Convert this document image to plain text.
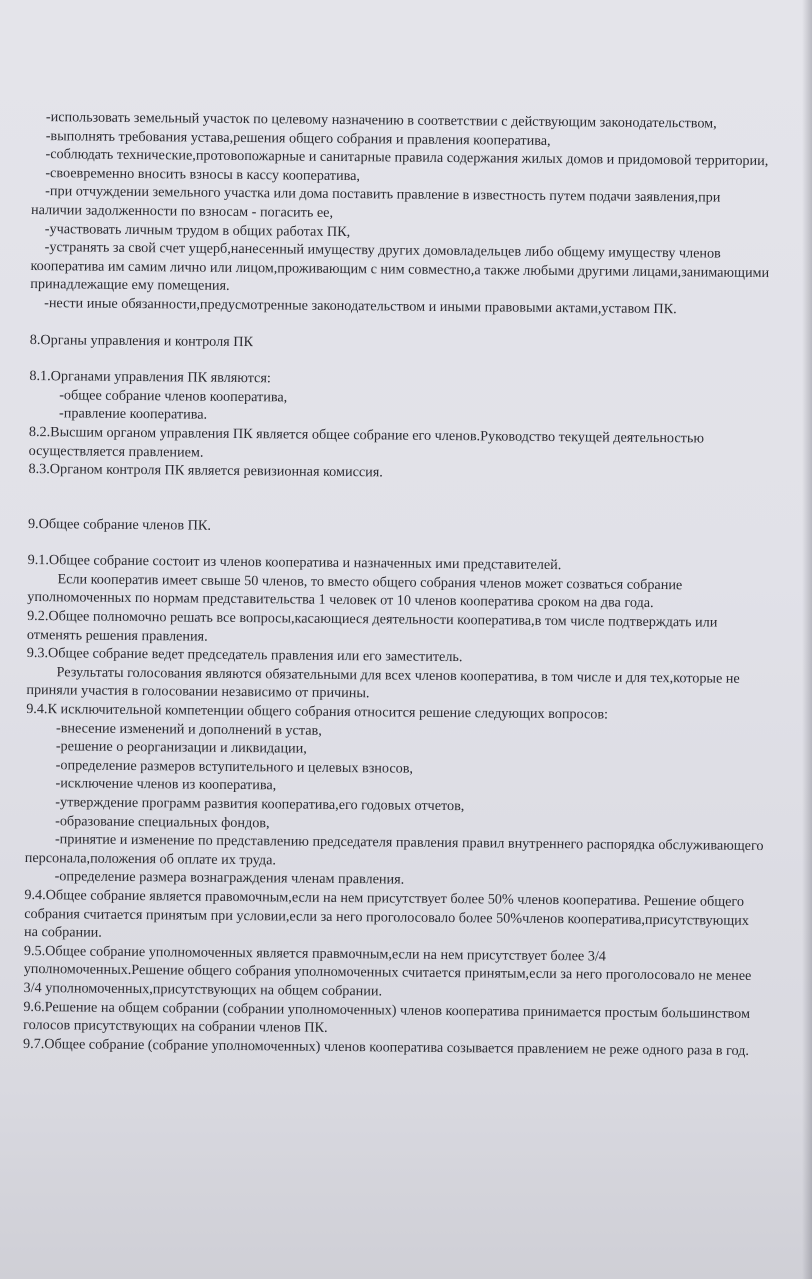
-использовать земельный участок по целевому назначению в соответствии с действующим законодательством,

-выполнять требования устава,решения общего собрания и правления кооператива,

-соблюдать технические,протовопожарные и санитарные правила содержания жилых домов и придомовой территории,

-своевременно вносить взносы в кассу кооператива,

-при отчуждении земельного участка или дома поставить правление в известность путем подачи заявления,при наличии задолженности по взносам - погасить ее,

-участвовать личным трудом в общих работах ПК,

-устранять за свой счет ущерб,нанесенный имуществу других домовладельцев либо общему имуществу членов кооператива им самим лично или лицом,проживающим с ним совместно,а также любыми другими лицами,занимающими принадлежащие ему помещения.

-нести иные обязанности,предусмотренные законодательством и иными правовыми актами,уставом ПК.

8.Органы управления и контроля ПК

8.1.Органами управления ПК являются:

-общее собрание членов кооператива,

-правление кооператива.

8.2.Высшим органом управления ПК является общее собрание его членов.Руководство текущей деятельностью осуществляется правлением.

8.3.Органом контроля ПК является ревизионная комиссия.

9.Общее собрание членов ПК.

9.1.Общее собрание состоит из членов кооператива и назначенных ими представителей.

Если кооператив имеет свыше 50 членов, то вместо общего собрания членов может созваться собрание уполномоченных по нормам представительства 1 человек от 10 членов кооператива сроком на два года.

9.2.Общее полномочно решать все вопросы,касающиеся деятельности кооператива,в том числе подтверждать или отменять решения правления.

9.3.Общее собрание ведет председатель правления или его заместитель.

Результаты голосования являются обязательными для всех членов кооператива, в том числе и для тех,которые не приняли участия в голосовании независимо от причины.

9.4.К исключительной компетенции общего собрания относится решение следующих вопросов:

-внесение изменений и дополнений в устав,

-решение о реорганизации и ликвидации,

-определение размеров вступительного и целевых взносов,

-исключение членов из кооператива,

-утверждение программ развития кооператива,его годовых отчетов,

-образование специальных фондов,

-принятие и изменение по представлению председателя правления правил внутреннего распорядка обслуживающего персонала,положения об оплате их труда.

-определение размера вознаграждения членам правления.

9.4.Общее собрание является правомочным,если на нем присутствует более 50% членов кооператива. Решение общего собрания считается принятым при условии,если за него проголосовало более 50%членов кооператива,присутствующих на собрании.

9.5.Общее собрание уполномоченных является правмочным,если на нем присутствует более 3/4 уполномоченных.Решение общего собрания уполномоченных считается принятым,если за него проголосовало не менее 3/4 уполномоченных,присутствующих на общем собрании.

9.6.Решение на общем собрании (собрании уполномоченных) членов кооператива принимается простым большинством голосов присутствующих на собрании членов ПК.

9.7.Общее собрание (собрание уполномоченных) членов кооператива созывается правлением не реже одного раза в год.
